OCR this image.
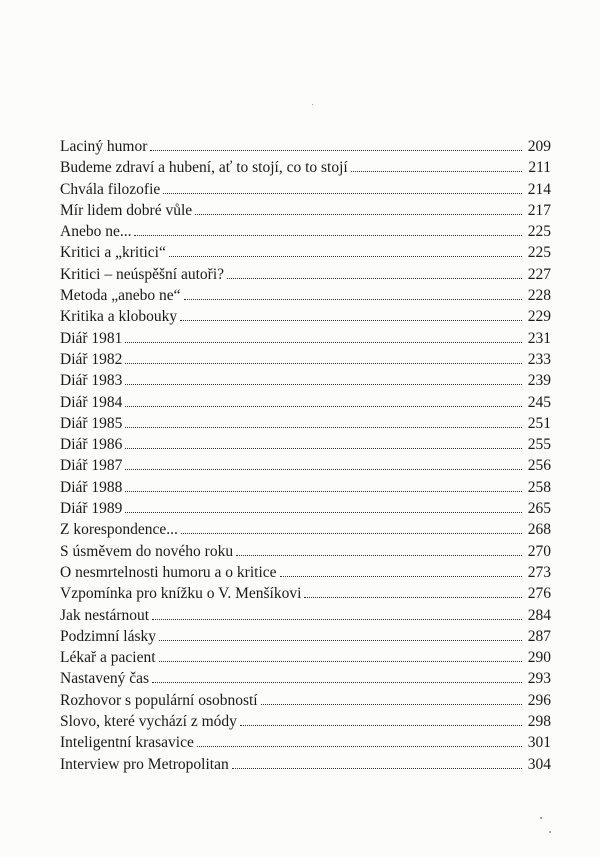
Laciný humor	209
Budeme zdraví a hubení, ať to stojí, co to stojí	211
Chvála filozofie	214
Mír lidem dobré vůle	217
Anebo ne...	225
Kritici a „kritici“	225
Kritici – neúspěšní autoři?	227
Metoda „anebo ne“	228
Kritika a klobouky	229
Diář 1981	231
Diář 1982	233
Diář 1983	239
Diář 1984	245
Diář 1985	251
Diář 1986	255
Diář 1987	256
Diář 1988	258
Diář 1989	265
Z korespondence...	268
S úsměvem do nového roku	270
O nesmrtelnosti humoru a o kritice	273
Vzpomínka pro knížku o V. Menšíkovi	276
Jak nestárnout	284
Podzimní lásky	287
Lékař a pacient	290
Nastavený čas	293
Rozhovor s populární osobností	296
Slovo, které vychází z módy	298
Inteligentní krasavice	301
Interview pro Metropolitan	304
